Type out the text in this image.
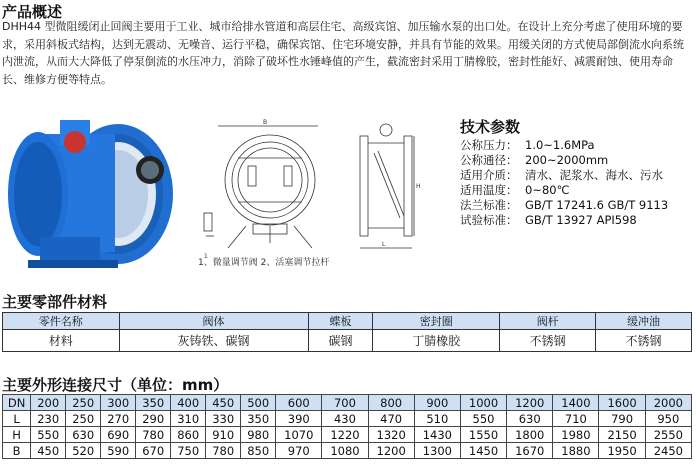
产品概述
DHH44 型微阻缓闭止回阀主要用于工业、城市给排水管道和高层住宅、高级宾馆、加压输水泵的出口处。在设计上充分考虑了使用环境的要求，采用斜板式结构，达到无震动、无噪音、运行平稳，确保宾馆、住宅环境安静，并具有节能的效果。用缓关闭的方式使局部倒流水向系统内泄流，从而大大降低了停泵倒流的水压冲力，消除了破坏性水锤峰值的产生，截流密封采用丁腈橡胶，密封性能好、减震耐蚀、使用寿命长、维修方便等特点。
B
1
1、微量调节阀 2、活塞调节拉杆
H
L
技术参数
公称压力： 1.0~1.6MPa
公称通径： 200~2000mm
适用介质： 清水、泥浆水、海水、污水
适用温度： 0~80℃
法兰标准： GB/T 17241.6 GB/T 9113
试验标准： GB/T 13927 API598
主要零部件材料
零件名称	阀体	蝶板	密封圈	阀杆	缓冲油
材料	灰铸铁、碳钢	碳钢	丁腈橡胶	不锈钢	不锈钢
主要外形连接尺寸（单位：mm）
DN	200	250	300	350	400	450	500	600	700	800	900	1000	1200	1400	1600	2000
L	230	250	270	290	310	330	350	390	430	470	510	550	630	710	790	950
H	550	630	690	780	860	910	980	1070	1220	1320	1430	1550	1800	1980	2150	2550
B	450	520	590	670	750	780	850	970	1080	1200	1300	1450	1670	1880	1950	2450
